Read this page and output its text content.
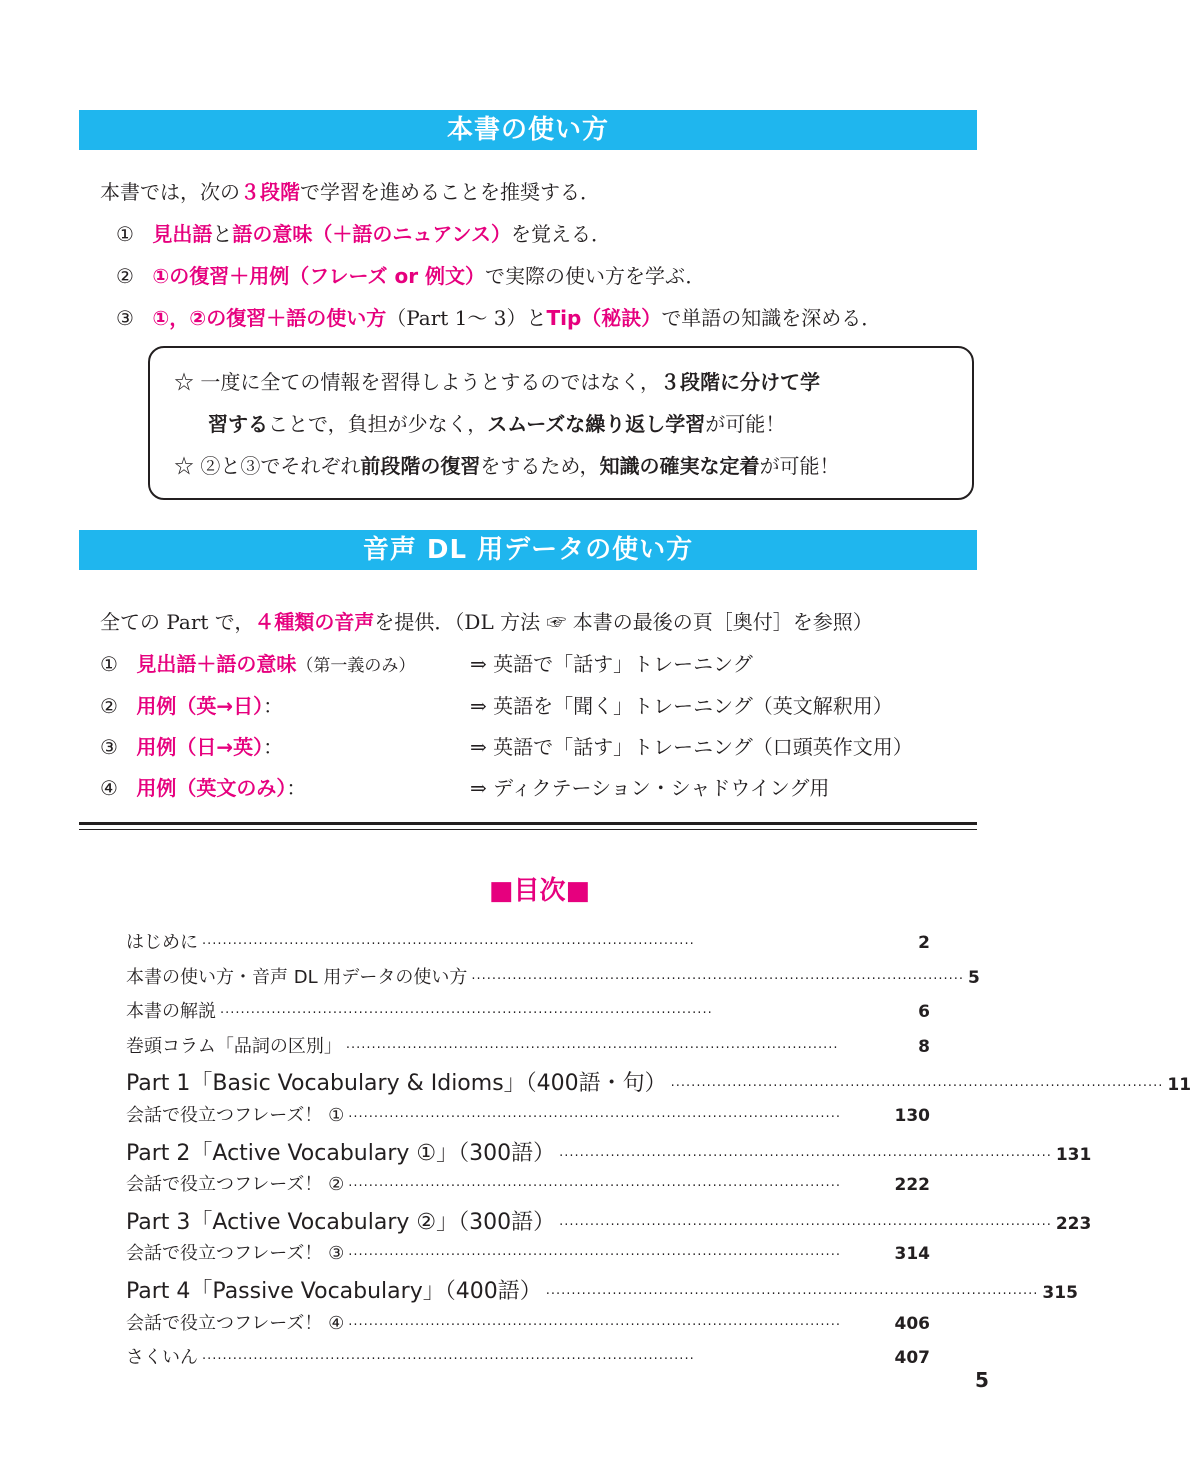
本書の使い方
本書では，次の３段階で学習を進めることを推奨する．
① 見出語と語の意味（＋語のニュアンス）を覚える．
② ①の復習＋用例（フレーズ or 例文）で実際の使い方を学ぶ．
③ ①，②の復習＋語の使い方（Part 1～ 3）とTip（秘訣）で単語の知識を深める．
☆ 一度に全ての情報を習得しようとするのではなく，３段階に分けて学
習することで，負担が少なく，スムーズな繰り返し学習が可能！
☆ ②と③でそれぞれ前段階の復習をするため，知識の確実な定着が可能！
音声 DL 用データの使い方
全ての Part で，４種類の音声を提供．（DL 方法 ☞ 本書の最後の頁［奥付］を参照）
① 見出語＋語の意味（第一義のみ）	⇒ 英語で「話す」トレーニング
② 用例（英→日）：	⇒ 英語を「聞く」トレーニング（英文解釈用）
③ 用例（日→英）：	⇒ 英語で「話す」トレーニング（口頭英作文用）
④ 用例（英文のみ）：	⇒ ディクテーション・シャドウイング用
■目次■
はじめに ································································································	2
本書の使い方・音声 DL 用データの使い方 ································································································ 5
本書の解説 ································································································	6
巻頭コラム「品詞の区別」 ································································································	8
Part 1「Basic Vocabulary & Idioms」（400語・句） ································································································ 11
会話で役立つフレーズ！ ① ································································································	130
Part 2「Active Vocabulary ①」（300語） ································································································ 131
会話で役立つフレーズ！ ② ································································································	222
Part 3「Active Vocabulary ②」（300語） ································································································ 223
会話で役立つフレーズ！ ③ ································································································	314
Part 4「Passive Vocabulary」（400語） ································································································ 315
会話で役立つフレーズ！ ④ ································································································	406
さくいん ································································································	407
5
